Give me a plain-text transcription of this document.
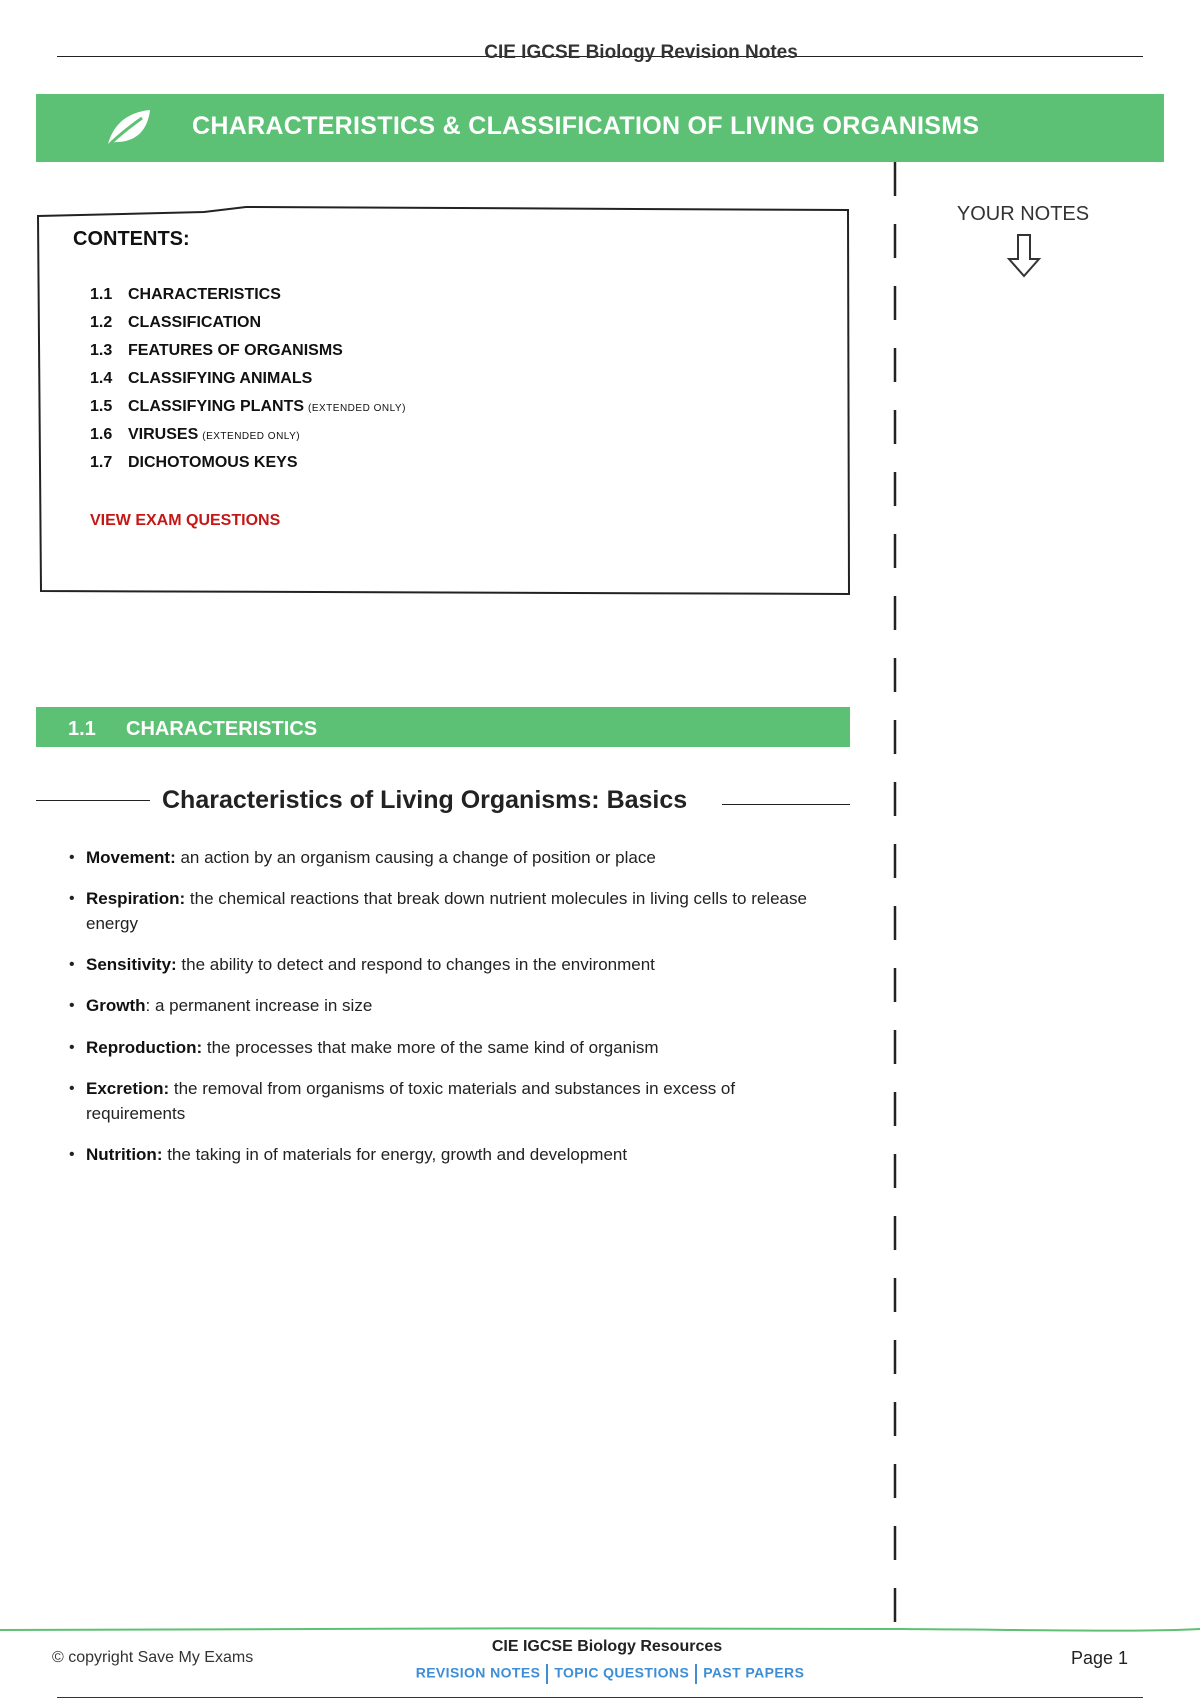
CIE IGCSE Biology Revision Notes
CHARACTERISTICS & CLASSIFICATION OF LIVING ORGANISMS
CONTENTS:
1.1 CHARACTERISTICS
1.2 CLASSIFICATION
1.3 FEATURES OF ORGANISMS
1.4 CLASSIFYING ANIMALS
1.5 CLASSIFYING PLANTS (EXTENDED ONLY)
1.6 VIRUSES (EXTENDED ONLY)
1.7 DICHOTOMOUS KEYS
VIEW EXAM QUESTIONS
YOUR NOTES
1.1 CHARACTERISTICS
Characteristics of Living Organisms: Basics
• Movement: an action by an organism causing a change of position or place
• Respiration: the chemical reactions that break down nutrient molecules in living cells to release energy
• Sensitivity: the ability to detect and respond to changes in the environment
• Growth: a permanent increase in size
• Reproduction: the processes that make more of the same kind of organism
• Excretion: the removal from organisms of toxic materials and substances in excess of requirements
• Nutrition: the taking in of materials for energy, growth and development
© copyright Save My Exams
CIE IGCSE Biology Resources
REVISION NOTES TOPIC QUESTIONS PAST PAPERS
Page 1
